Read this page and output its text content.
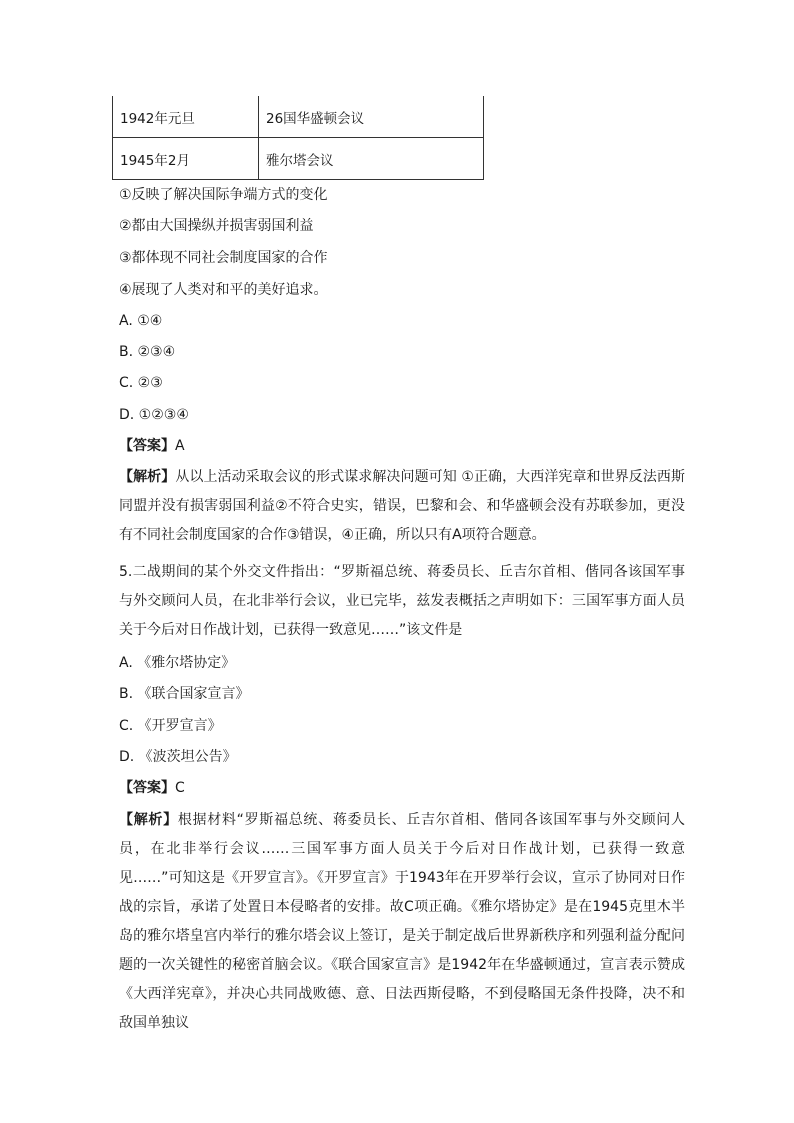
1942年元旦	26国华盛顿会议
1945年2月	雅尔塔会议
①反映了解决国际争端方式的变化
②都由大国操纵并损害弱国利益
③都体现不同社会制度国家的合作
④展现了人类对和平的美好追求。
A. ①④
B. ②③④
C. ②③
D. ①②③④
【答案】A
【解析】从以上活动采取会议的形式谋求解决问题可知 ①正确，大西洋宪章和世界反法西斯同盟并没有损害弱国利益②不符合史实，错误，巴黎和会、和华盛顿会没有苏联参加，更没有不同社会制度国家的合作③错误，④正确，所以只有A项符合题意。
5.二战期间的某个外交文件指出：“罗斯福总统、蒋委员长、丘吉尔首相、偕同各该国军事与外交顾问人员，在北非举行会议，业已完毕，兹发表概括之声明如下：三国军事方面人员关于今后对日作战计划，已获得一致意见……”该文件是
A. 《雅尔塔协定》
B. 《联合国家宣言》
C. 《开罗宣言》
D. 《波茨坦公告》
【答案】C
【解析】根据材料“罗斯福总统、蒋委员长、丘吉尔首相、偕同各该国军事与外交顾问人员，在北非举行会议……三国军事方面人员关于今后对日作战计划，已获得一致意见……”可知这是《开罗宣言》。《开罗宣言》于1943年在开罗举行会议，宣示了协同对日作战的宗旨，承诺了处置日本侵略者的安排。故C项正确。《雅尔塔协定》是在1945克里木半岛的雅尔塔皇宫内举行的雅尔塔会议上签订，是关于制定战后世界新秩序和列强利益分配问题的一次关键性的秘密首脑会议。《联合国家宣言》是1942年在华盛顿通过，宣言表示赞成《大西洋宪章》，并决心共同战败德、意、日法西斯侵略，不到侵略国无条件投降，决不和敌国单独议
